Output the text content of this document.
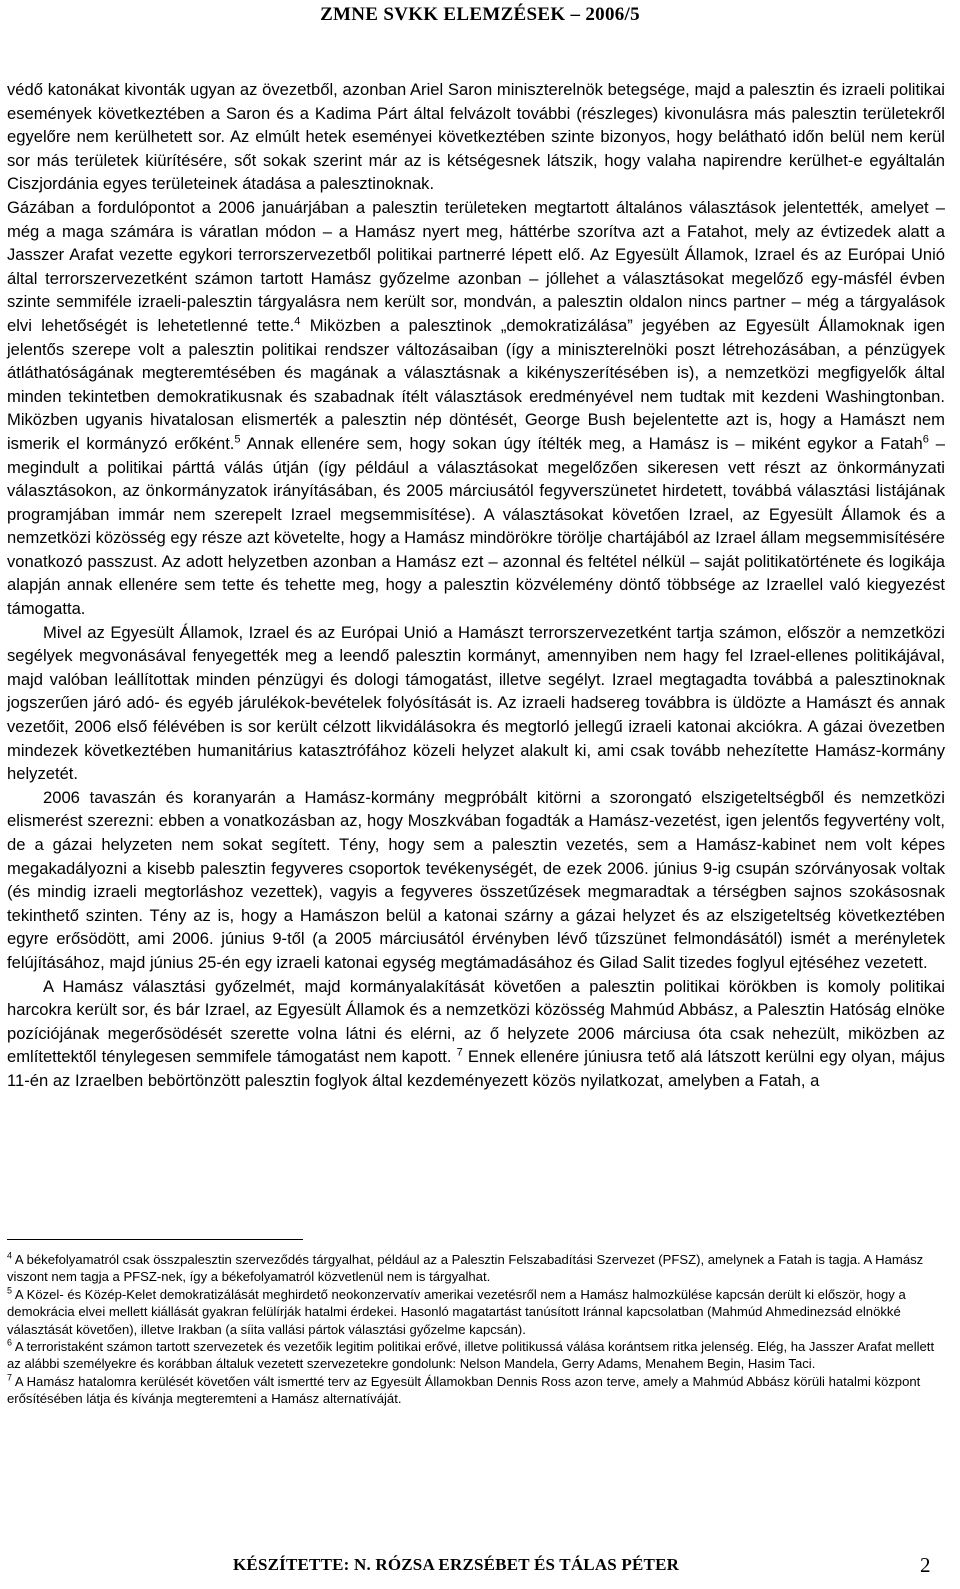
ZMNE SVKK ELEMZÉSEK – 2006/5

védő katonákat kivonták ugyan az övezetből, azonban Ariel Saron miniszterelnök betegsége, majd a palesztin és izraeli politikai események következtében a Saron és a Kadima Párt által felvázolt további (részleges) kivonulásra más palesztin területekről egyelőre nem kerülhetett sor. Az elmúlt hetek eseményei következtében szinte bizonyos, hogy belátható időn belül nem kerül sor más területek kiürítésére, sőt sokak szerint már az is kétségesnek látszik, hogy valaha napirendre kerülhet-e egyáltalán Ciszjordánia egyes területeinek átadása a palesztinoknak.

Gázában a fordulópontot a 2006 januárjában a palesztin területeken megtartott általános választások jelentették, amelyet – még a maga számára is váratlan módon – a Hamász nyert meg, háttérbe szorítva azt a Fatahot, mely az évtizedek alatt a Jasszer Arafat vezette egykori terrorszervezetből politikai partnerré lépett elő. Az Egyesült Államok, Izrael és az Európai Unió által terrorszervezetként számon tartott Hamász győzelme azonban – jóllehet a választásokat megelőző egy-másfél évben szinte semmiféle izraeli-palesztin tárgyalásra nem került sor, mondván, a palesztin oldalon nincs partner – még a tárgyalások elvi lehetőségét is lehetetlenné tette.$^4$ Miközben a palesztinok „demokratizálása” jegyében az Egyesült Államoknak igen jelentős szerepe volt a palesztin politikai rendszer változásaiban (így a miniszterelnöki poszt létrehozásában, a pénzügyek átláthatóságának megteremtésében és magának a választásnak a kikényszerítésében is), a nemzetközi megfigyelők által minden tekintetben demokratikusnak és szabadnak ítélt választások eredményével nem tudtak mit kezdeni Washingtonban. Miközben ugyanis hivatalosan elismerték a palesztin nép döntését, George Bush bejelentette azt is, hogy a Hamászt nem ismerik el kormányzó erőként.$^5$ Annak ellenére sem, hogy sokan úgy ítélték meg, a Hamász is – miként egykor a Fatah$^6$ – megindult a politikai párttá válás útján (így például a választásokat megelőzően sikeresen vett részt az önkormányzati választásokon, az önkormányzatok irányításában, és 2005 márciusától fegyverszünetet hirdetett, továbbá választási listájának programjában immár nem szerepelt Izrael megsemmisítése). A választásokat követően Izrael, az Egyesült Államok és a nemzetközi közösség egy része azt követelte, hogy a Hamász mindörökre törölje chartájából az Izrael állam megsemmisítésére vonatkozó passzust. Az adott helyzetben azonban a Hamász ezt – azonnal és feltétel nélkül – saját politikatörténete és logikája alapján annak ellenére sem tette és tehette meg, hogy a palesztin közvélemény döntő többsége az Izraellel való kiegyezést támogatta.

Mivel az Egyesült Államok, Izrael és az Európai Unió a Hamászt terrorszervezetként tartja számon, először a nemzetközi segélyek megvonásával fenyegették meg a leendő palesztin kormányt, amennyiben nem hagy fel Izrael-ellenes politikájával, majd valóban leállítottak minden pénzügyi és dologi támogatást, illetve segélyt. Izrael megtagadta továbbá a palesztinoknak jogszerűen járó adó- és egyéb járulékok-bevételek folyósítását is. Az izraeli hadsereg továbbra is üldözte a Hamászt és annak vezetőit, 2006 első félévében is sor került célzott likvidálásokra és megtorló jellegű izraeli katonai akciókra. A gázai övezetben mindezek következtében humanitárius katasztrófához közeli helyzet alakult ki, ami csak tovább nehezítette Hamász-kormány helyzetét.

2006 tavaszán és koranyarán a Hamász-kormány megpróbált kitörni a szorongató elszigeteltségből és nemzetközi elismerést szerezni: ebben a vonatkozásban az, hogy Moszkvában fogadták a Hamász-vezetést, igen jelentős fegyvertény volt, de a gázai helyzeten nem sokat segített. Tény, hogy sem a palesztin vezetés, sem a Hamász-kabinet nem volt képes megakadályozni a kisebb palesztin fegyveres csoportok tevékenységét, de ezek 2006. június 9-ig csupán szórványosak voltak (és mindig izraeli megtorláshoz vezettek), vagyis a fegyveres összetűzések megmaradtak a térségben sajnos szokásosnak tekinthető szinten. Tény az is, hogy a Hamászon belül a katonai szárny a gázai helyzet és az elszigeteltség következtében egyre erősödött, ami 2006. június 9-től (a 2005 márciusától érvényben lévő tűzszünet felmondásától) ismét a merényletek felújításához, majd június 25-én egy izraeli katonai egység megtámadásához és Gilad Salit tizedes foglyul ejtéséhez vezetett.

A Hamász választási győzelmét, majd kormányalakítását követően a palesztin politikai körökben is komoly politikai harcokra került sor, és bár Izrael, az Egyesült Államok és a nemzetközi közösség Mahmúd Abbász, a Palesztin Hatóság elnöke pozíciójának megerősödését szerette volna látni és elérni, az ő helyzete 2006 márciusa óta csak nehezült, miközben az említettektől ténylegesen semmifele támogatást nem kapott. $^7$ Ennek ellenére júniusra tető alá látszott kerülni egy olyan, május 11-én az Izraelben bebörtönzött palesztin foglyok által kezdeményezett közös nyilatkozat, amelyben a Fatah, a

$^4$ A békefolyamatról csak összpalesztin szerveződés tárgyalhat, például az a Palesztin Felszabadítási Szervezet (PFSZ), amelynek a Fatah is tagja. A Hamász viszont nem tagja a PFSZ-nek, így a békefolyamatról közvetlenül nem is tárgyalhat.

$^5$ A Közel- és Közép-Kelet demokratizálását meghirdető neokonzervatív amerikai vezetésről nem a Hamász halmozkülése kapcsán derült ki először, hogy a demokrácia elvei mellett kiállását gyakran felülírják hatalmi érdekei. Hasonló magatartást tanúsított Iránnal kapcsolatban (Mahmúd Ahmedinezsád elnökké választását követően), illetve Irakban (a síita vallási pártok választási győzelme kapcsán).

$^6$ A terroristaként számon tartott szervezetek és vezetőik legitim politikai erővé, illetve politikussá válása korántsem ritka jelenség. Elég, ha Jasszer Arafat mellett az alábbi személyekre és korábban általuk vezetett szervezetekre gondolunk: Nelson Mandela, Gerry Adams, Menahem Begin, Hasim Taci.

$^7$ A Hamász hatalomra kerülését követően vált ismertté terv az Egyesült Államokban Dennis Ross azon terve, amely a Mahmúd Abbász körüli hatalmi központ erősítésében látja és kívánja megteremteni a Hamász alternatíváját.

KÉSZÍTETTE: N. RÓZSA ERZSÉBET ÉS TÁLAS PÉTER	2
